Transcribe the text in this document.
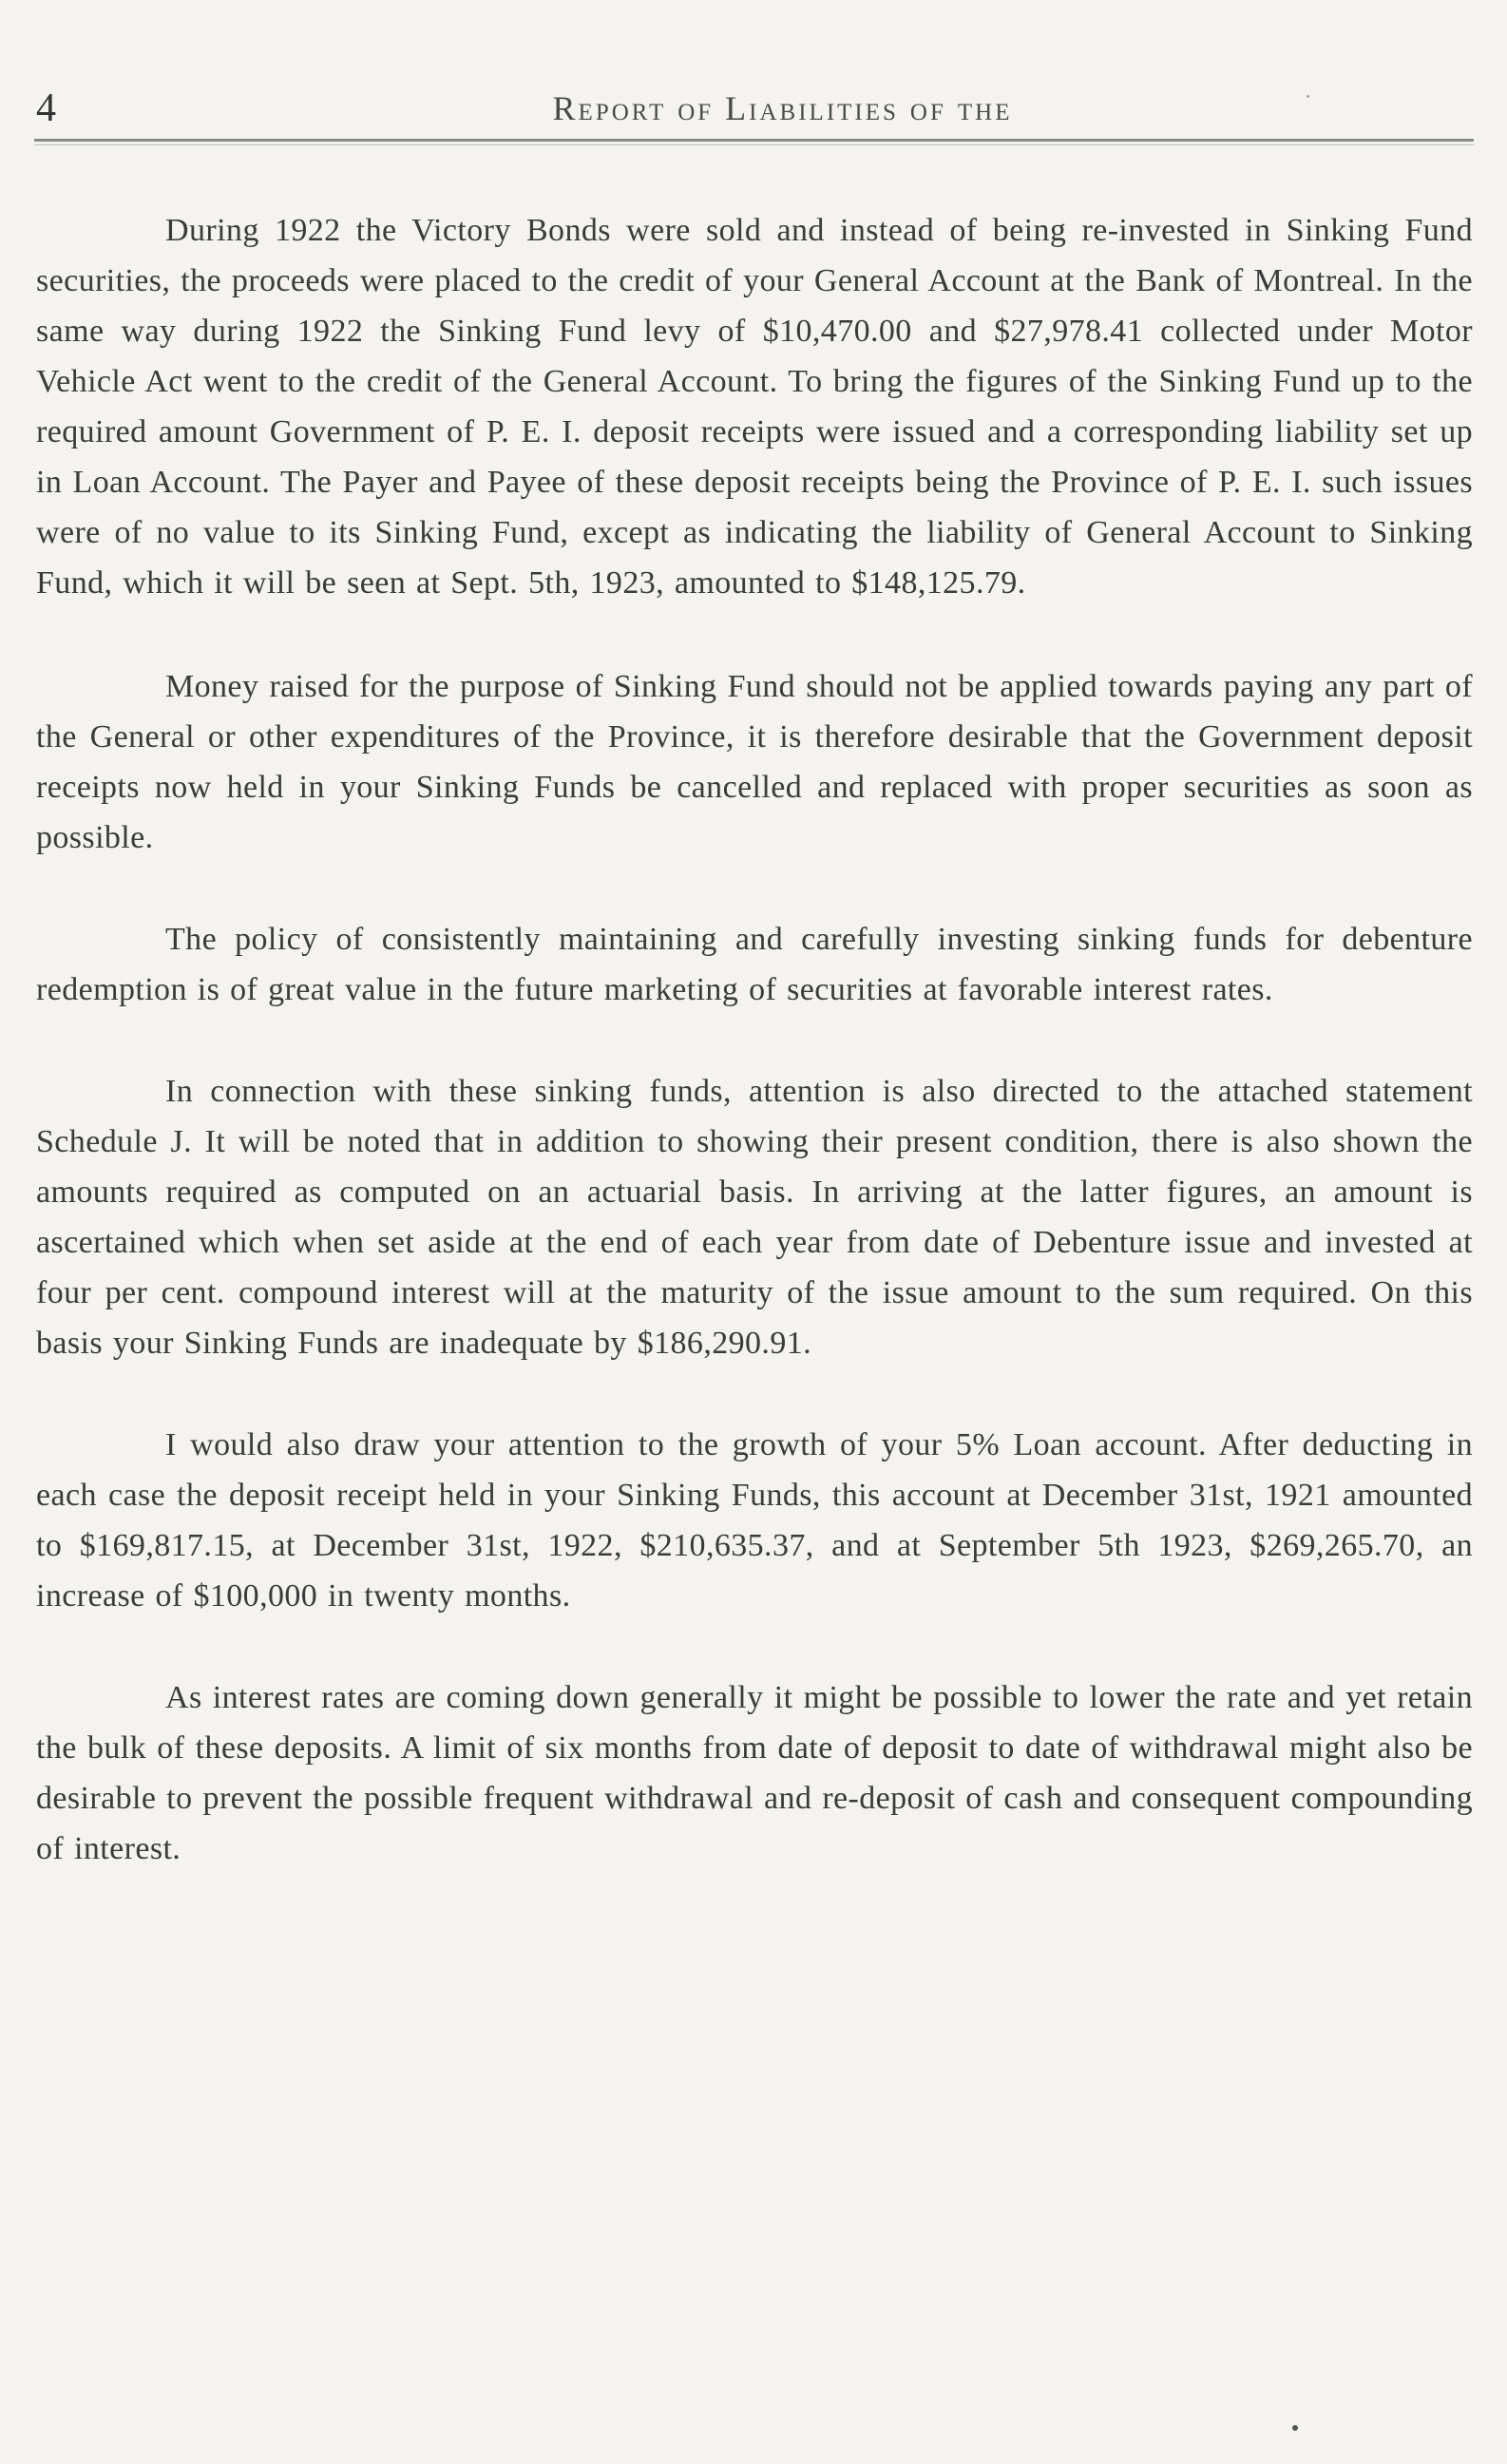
4	Report of Liabilities of the

During 1922 the Victory Bonds were sold and instead of being re-invested in Sinking Fund securities, the proceeds were placed to the credit of your General Account at the Bank of Montreal. In the same way during 1922 the Sinking Fund levy of $10,470.00 and $27,978.41 collected under Motor Vehicle Act went to the credit of the General Account. To bring the figures of the Sinking Fund up to the required amount Government of P. E. I. deposit receipts were issued and a corresponding liability set up in Loan Account. The Payer and Payee of these deposit receipts being the Province of P. E. I. such issues were of no value to its Sinking Fund, except as indicating the liability of General Account to Sinking Fund, which it will be seen at Sept. 5th, 1923, amounted to $148,125.79.

Money raised for the purpose of Sinking Fund should not be applied towards paying any part of the General or other expenditures of the Province, it is therefore desirable that the Government deposit receipts now held in your Sinking Funds be cancelled and replaced with proper securities as soon as possible.

The policy of consistently maintaining and carefully investing sinking funds for debenture redemption is of great value in the future marketing of securities at favorable interest rates.

In connection with these sinking funds, attention is also directed to the attached statement Schedule J. It will be noted that in addition to showing their present condition, there is also shown the amounts required as computed on an actuarial basis. In arriving at the latter figures, an amount is ascertained which when set aside at the end of each year from date of Debenture issue and invested at four per cent. compound interest will at the maturity of the issue amount to the sum required. On this basis your Sinking Funds are inadequate by $186,290.91.

I would also draw your attention to the growth of your 5% Loan account. After deducting in each case the deposit receipt held in your Sinking Funds, this account at December 31st, 1921 amounted to $169,817.15, at December 31st, 1922, $210,635.37, and at September 5th 1923, $269,265.70, an increase of $100,000 in twenty months.

As interest rates are coming down generally it might be possible to lower the rate and yet retain the bulk of these deposits. A limit of six months from date of deposit to date of withdrawal might also be desirable to prevent the possible frequent withdrawal and re-deposit of cash and consequent compounding of interest.
